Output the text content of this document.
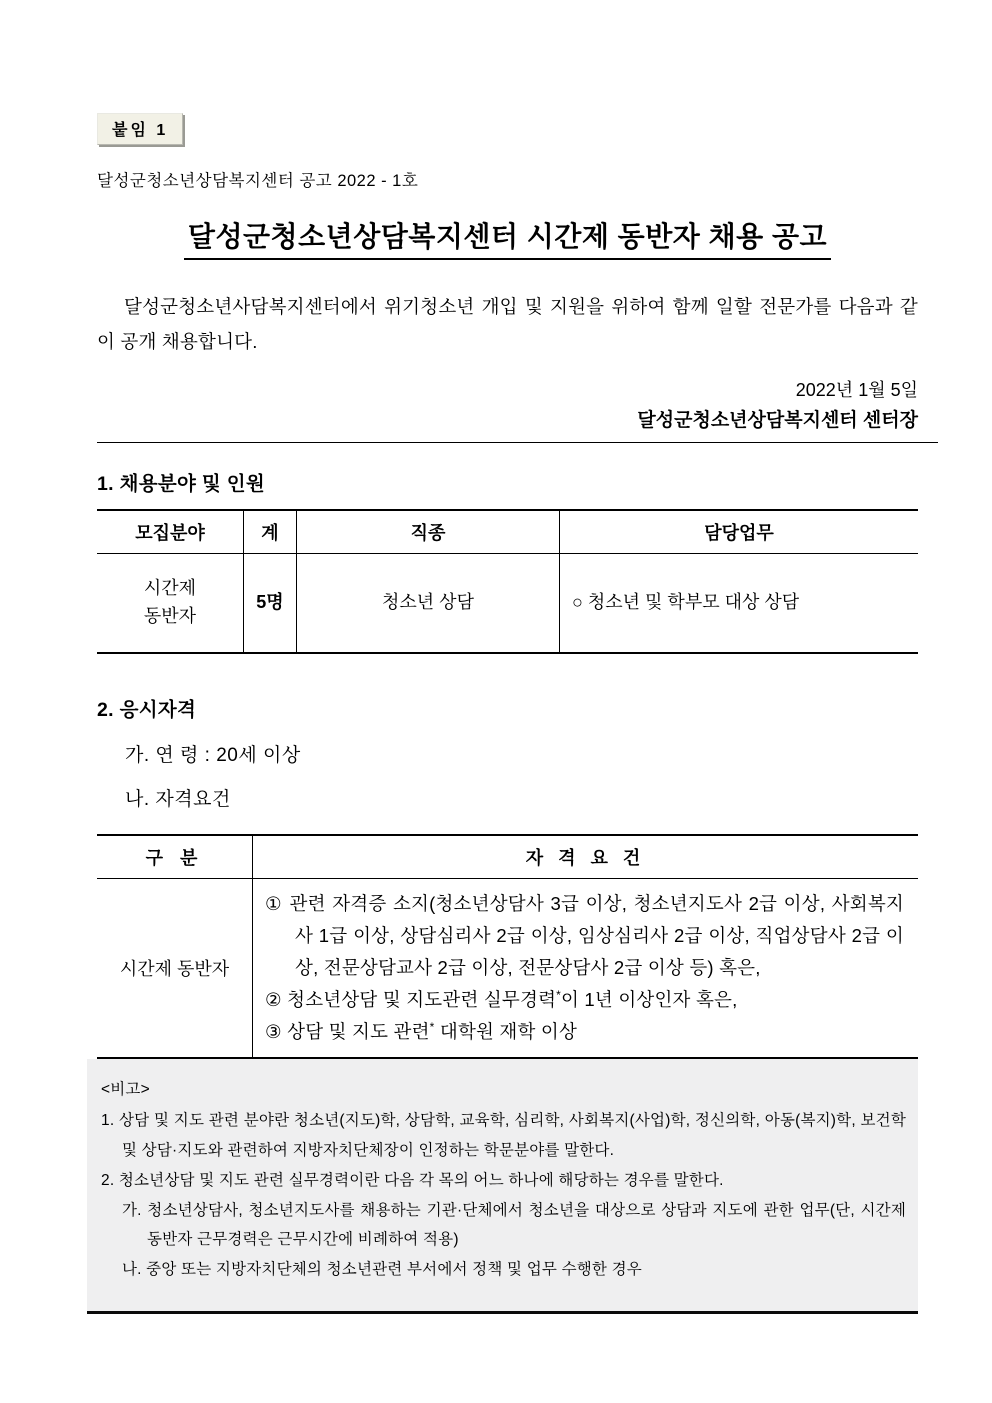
붙임 1
달성군청소년상담복지센터 공고 2022 - 1호
달성군청소년상담복지센터 시간제 동반자 채용 공고
달성군청소년사담복지센터에서 위기청소년 개입 및 지원을 위하여 함께 일할 전문가를 다음과 같이 공개 채용합니다.
2022년 1월 5일
달성군청소년상담복지센터 센터장
1. 채용분야 및 인원
모집분야	계	직종	담당업무

시간제
동반자	5명	청소년 상담	○ 청소년 및 학부모 대상 상담
2. 응시자격
가. 연 령 : 20세 이상
나. 자격요건
구 분	자 격 요 건
시간제 동반자	① 관련 자격증 소지(청소년상담사 3급 이상, 청소년지도사 2급 이상, 사회복지사 1급 이상, 상담심리사 2급 이상, 임상심리사 2급 이상, 직업상담사 2급 이상, 전문상담교사 2급 이상, 전문상담사 2급 이상 등) 혹은,
② 청소년상담 및 지도관련 실무경력*이 1년 이상인자 혹은,
③ 상담 및 지도 관련* 대학원 재학 이상
<비고>
1. 상담 및 지도 관련 분야란 청소년(지도)학, 상담학, 교육학, 심리학, 사회복지(사업)학, 정신의학, 아동(복지)학, 보건학 및 상담·지도와 관련하여 지방자치단체장이 인정하는 학문분야를 말한다.
2. 청소년상담 및 지도 관련 실무경력이란 다음 각 목의 어느 하나에 해당하는 경우를 말한다.
가. 청소년상담사, 청소년지도사를 채용하는 기관·단체에서 청소년을 대상으로 상담과 지도에 관한 업무(단, 시간제 동반자 근무경력은 근무시간에 비례하여 적용)
나. 중앙 또는 지방자치단체의 청소년관련 부서에서 정책 및 업무 수행한 경우
